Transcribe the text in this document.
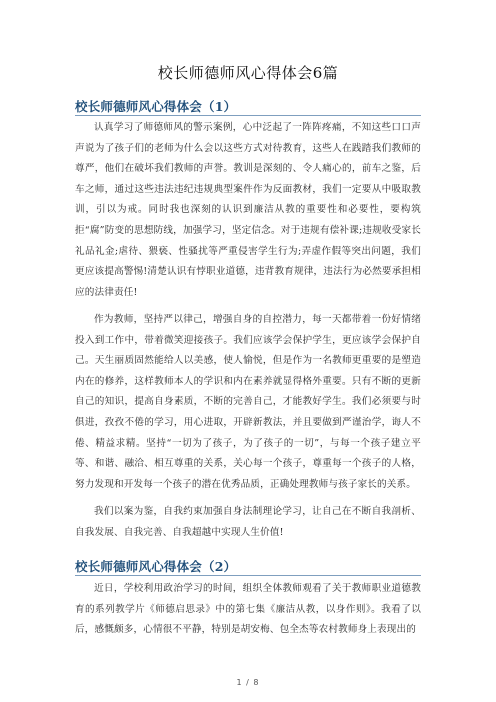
校长师德师风心得体会6篇
校长师德师风心得体会（1）

认真学习了师德师风的警示案例，心中泛起了一阵阵疼痛，不知这些口口声声说为了孩子们的老师为什么会以这些方式对待教育，这些人在践踏我们教师的尊严，他们在破坏我们教师的声誉。教训是深刻的、令人痛心的，前车之鉴，后车之师，通过这些违法违纪违规典型案件作为反面教材，我们一定要从中吸取教训，引以为戒。同时我也深刻的认识到廉洁从教的重要性和必要性，要构筑拒“腐”防变的思想防线，加强学习，坚定信念。对于违规有偿补课;违规收受家长礼品礼金;虐待、猥亵、性骚扰等严重侵害学生行为;弄虚作假等突出问题，我们更应该提高警惕!清楚认识有悖职业道德，违背教育规律，违法行为必然要承担相应的法律责任!

作为教师，坚持严以律己，增强自身的自控潜力，每一天都带着一份好情绪投入到工作中，带着微笑迎接孩子。我们应该学会保护学生，更应该学会保护自己。天生丽质固然能给人以美感，使人愉悦，但是作为一名教师更重要的是塑造内在的修养，这样教师本人的学识和内在素养就显得格外重要。只有不断的更新自己的知识，提高自身素质，不断的完善自己，才能教好学生。我们必须要与时俱进，孜孜不倦的学习，用心进取，开辟新教法，并且要做到严谨治学，诲人不倦、精益求精。坚持“一切为了孩子，为了孩子的一切”，与每一个孩子建立平等、和谐、融洽、相互尊重的关系，关心每一个孩子，尊重每一个孩子的人格，努力发现和开发每一个孩子的潜在优秀品质，正确处理教师与孩子家长的关系。

我们以案为鉴，自我约束加强自身法制理论学习，让自己在不断自我剖析、自我发展、自我完善、自我超越中实现人生价值!

校长师德师风心得体会（2）

近日，学校利用政治学习的时间，组织全体教师观看了关于教师职业道德教育的系列教学片《师德启思录》中的第七集《廉洁从教，以身作则》。我看了以后，感慨颇多，心情很不平静，特别是胡安梅、包全杰等农村教师身上表现出的

1 / 8
